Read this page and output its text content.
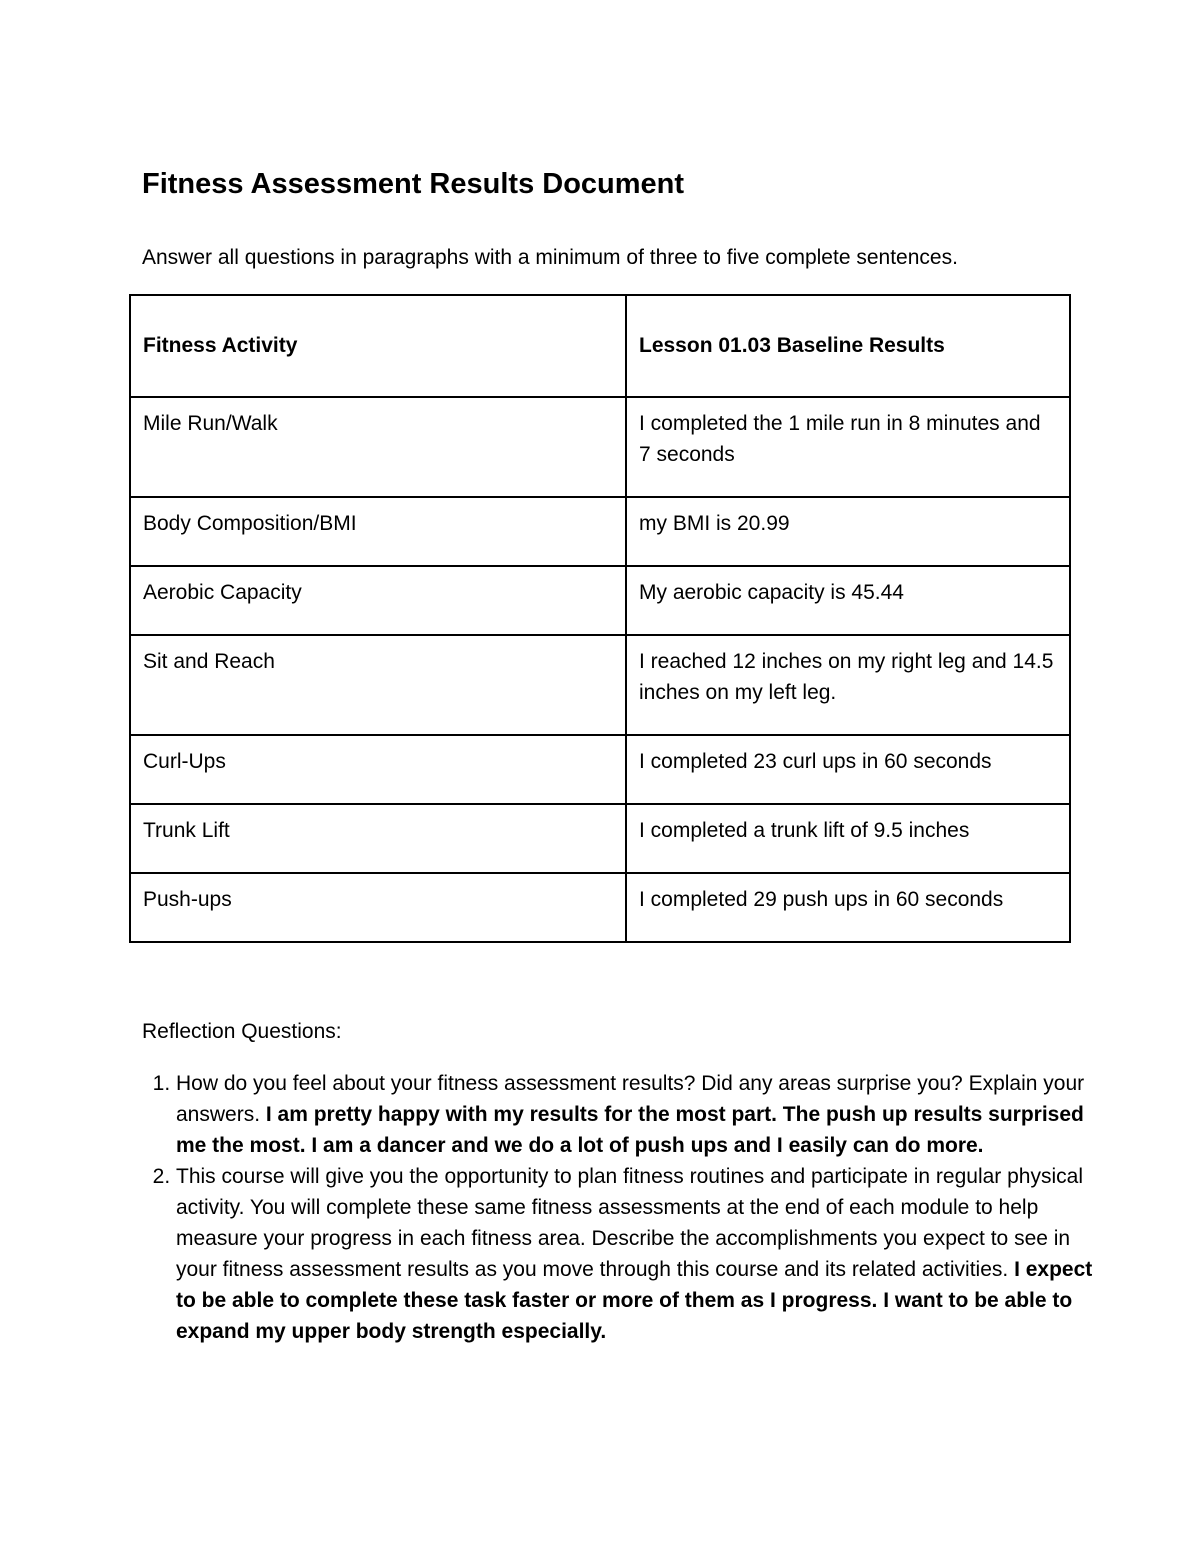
Fitness Assessment Results Document

Answer all questions in paragraphs with a minimum of three to five complete sentences.

Fitness Activity	Lesson 01.03 Baseline Results
Mile Run/Walk	I completed the 1 mile run in 8 minutes and 7 seconds
Body Composition/BMI	my BMI is 20.99
Aerobic Capacity	My aerobic capacity is 45.44
Sit and Reach	I reached 12 inches on my right leg and 14.5 inches on my left leg.
Curl-Ups	I completed 23 curl ups in 60 seconds
Trunk Lift	I completed a trunk lift of 9.5 inches
Push-ups	I completed 29 push ups in 60 seconds

Reflection Questions:

1. How do you feel about your fitness assessment results? Did any areas surprise you? Explain your answers. I am pretty happy with my results for the most part. The push up results surprised me the most. I am a dancer and we do a lot of push ups and I easily can do more.
2. This course will give you the opportunity to plan fitness routines and participate in regular physical activity. You will complete these same fitness assessments at the end of each module to help measure your progress in each fitness area. Describe the accomplishments you expect to see in your fitness assessment results as you move through this course and its related activities. I expect to be able to complete these task faster or more of them as I progress. I want to be able to expand my upper body strength especially.
